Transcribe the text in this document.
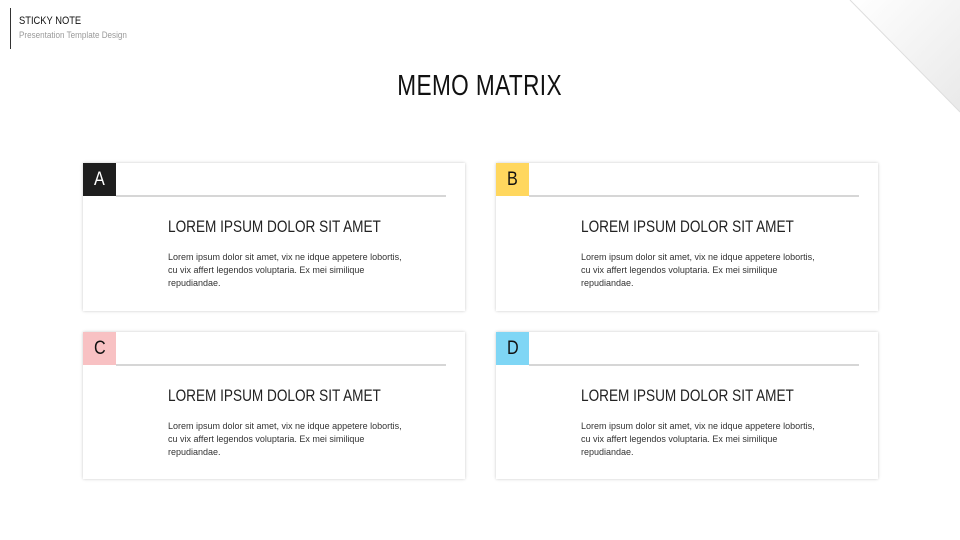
STICKY NOTE
Presentation Template Design
MEMO MATRIX
A
LOREM IPSUM DOLOR SIT AMET
Lorem ipsum dolor sit amet, vix ne idque appetere lobortis, cu vix affert legendos voluptaria. Ex mei similique repudiandae.
B
LOREM IPSUM DOLOR SIT AMET
Lorem ipsum dolor sit amet, vix ne idque appetere lobortis, cu vix affert legendos voluptaria. Ex mei similique repudiandae.
C
LOREM IPSUM DOLOR SIT AMET
Lorem ipsum dolor sit amet, vix ne idque appetere lobortis, cu vix affert legendos voluptaria. Ex mei similique repudiandae.
D
LOREM IPSUM DOLOR SIT AMET
Lorem ipsum dolor sit amet, vix ne idque appetere lobortis, cu vix affert legendos voluptaria. Ex mei similique repudiandae.
